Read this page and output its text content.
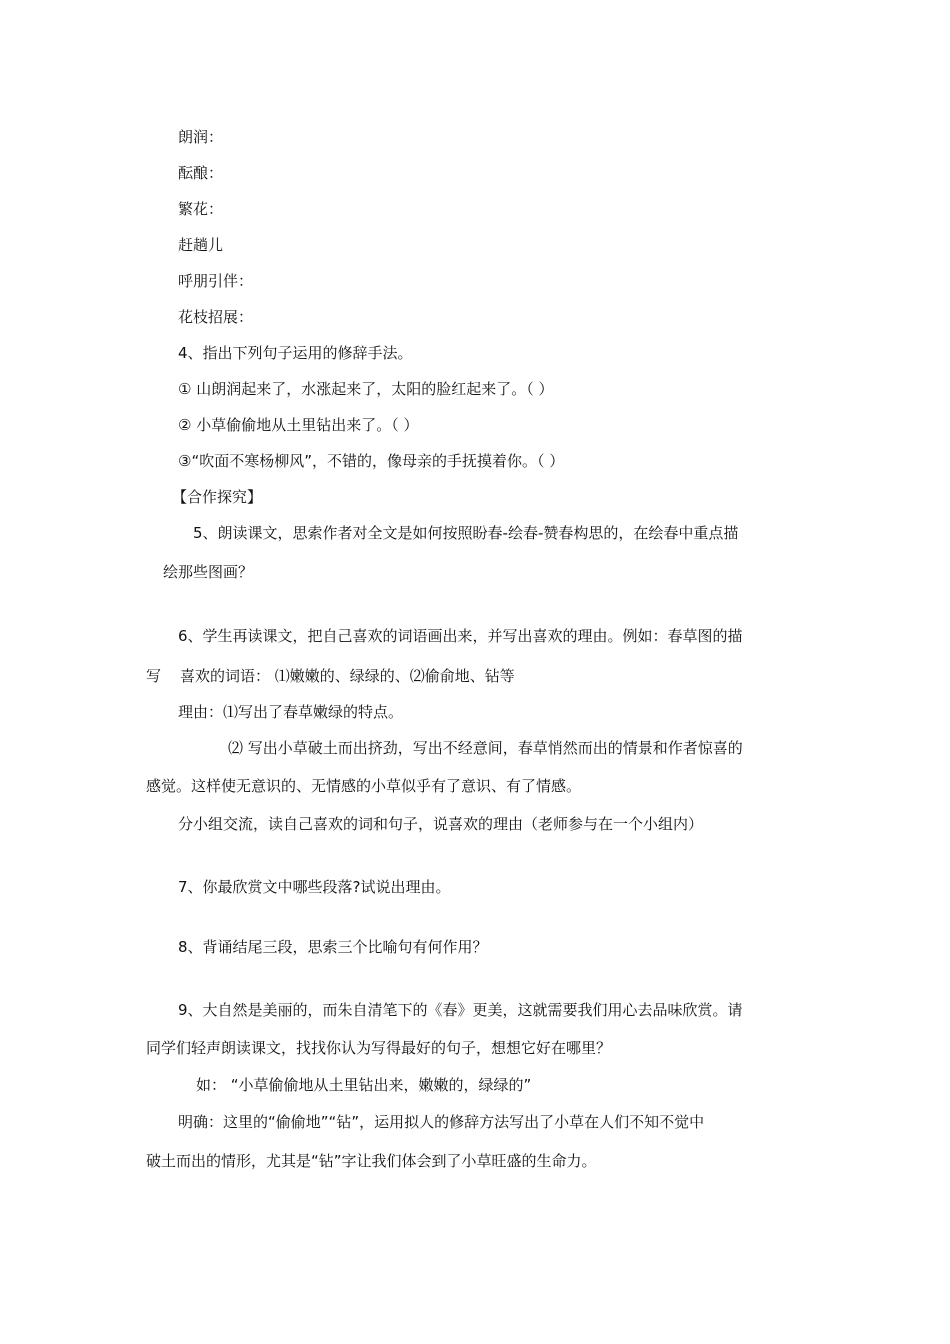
朗润：
酝酿：
繁花：
赶趟儿
呼朋引伴：
花枝招展：
4、指出下列句子运用的修辞手法。
① 山朗润起来了，水涨起来了，太阳的脸红起来了。（ ）
② 小草偷偷地从土里钻出来了。（ ）
③“吹面不寒杨柳风”，不错的，像母亲的手抚摸着你。（ ）
【合作探究】
5、朗读课文，思索作者对全文是如何按照盼春-绘春-赞春构思的，在绘春中重点描
绘那些图画？
6、学生再读课文，把自己喜欢的词语画出来，并写出喜欢的理由。例如：春草图的描
写 喜欢的词语： ⑴嫩嫩的、绿绿的、⑵偷俞地、钻等
理由：⑴写出了春草嫩绿的特点。
⑵ 写出小草破土而出挤劲，写出不经意间，春草悄然而出的情景和作者惊喜的
感觉。这样使无意识的、无情感的小草似乎有了意识、有了情感。
分小组交流，读自己喜欢的词和句子，说喜欢的理由（老师参与在一个小组内）
7、你最欣赏文中哪些段落?试说出理由。
8、背诵结尾三段，思索三个比喻句有何作用？
9、大自然是美丽的，而朱自清笔下的《春》更美，这就需要我们用心去品味欣赏。请
同学们轻声朗读课文，找找你认为写得最好的句子，想想它好在哪里？
如： “小草偷偷地从土里钻出来，嫩嫩的，绿绿的”
明确：这里的“偷偷地”“钻”，运用拟人的修辞方法写出了小草在人们不知不觉中
破土而出的情形，尤其是“钻”字让我们体会到了小草旺盛的生命力。
